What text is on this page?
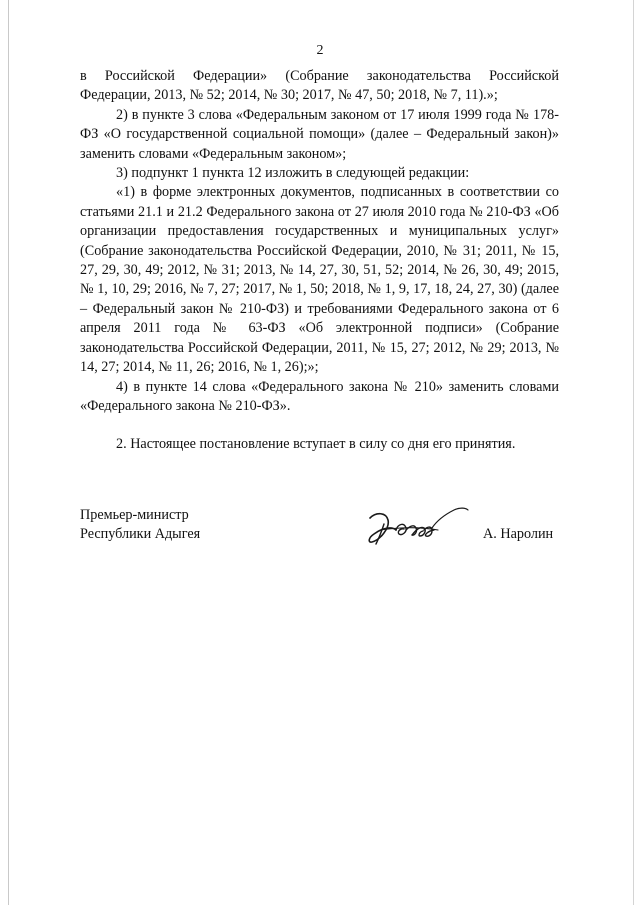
2

в Российской Федерации» (Собрание законодательства Российской Федерации, 2013, № 52; 2014, № 30; 2017, № 47, 50; 2018, № 7, 11).»;

2) в пункте 3 слова «Федеральным законом от 17 июля 1999 года № 178-ФЗ «О государственной социальной помощи» (далее – Федеральный закон)» заменить словами «Федеральным законом»;

3) подпункт 1 пункта 12 изложить в следующей редакции:

«1) в форме электронных документов, подписанных в соответствии со статьями 21.1 и 21.2 Федерального закона от 27 июля 2010 года № 210-ФЗ «Об организации предоставления государственных и муниципальных услуг» (Собрание законодательства Российской Федерации, 2010, № 31; 2011, № 15, 27, 29, 30, 49; 2012, № 31; 2013, № 14, 27, 30, 51, 52; 2014, № 26, 30, 49; 2015, № 1, 10, 29; 2016, № 7, 27; 2017, № 1, 50; 2018, № 1, 9, 17, 18, 24, 27, 30) (далее – Федеральный закон № 210-ФЗ) и требованиями Федерального закона от 6 апреля 2011 года № 63-ФЗ «Об электронной подписи» (Собрание законодательства Российской Федерации, 2011, № 15, 27; 2012, № 29; 2013, № 14, 27; 2014, № 11, 26; 2016, № 1, 26);»;

4) в пункте 14 слова «Федерального закона № 210» заменить словами «Федерального закона № 210-ФЗ».

2. Настоящее постановление вступает в силу со дня его принятия.

Премьер-министр
Республики Адыгея	А. Наролин
